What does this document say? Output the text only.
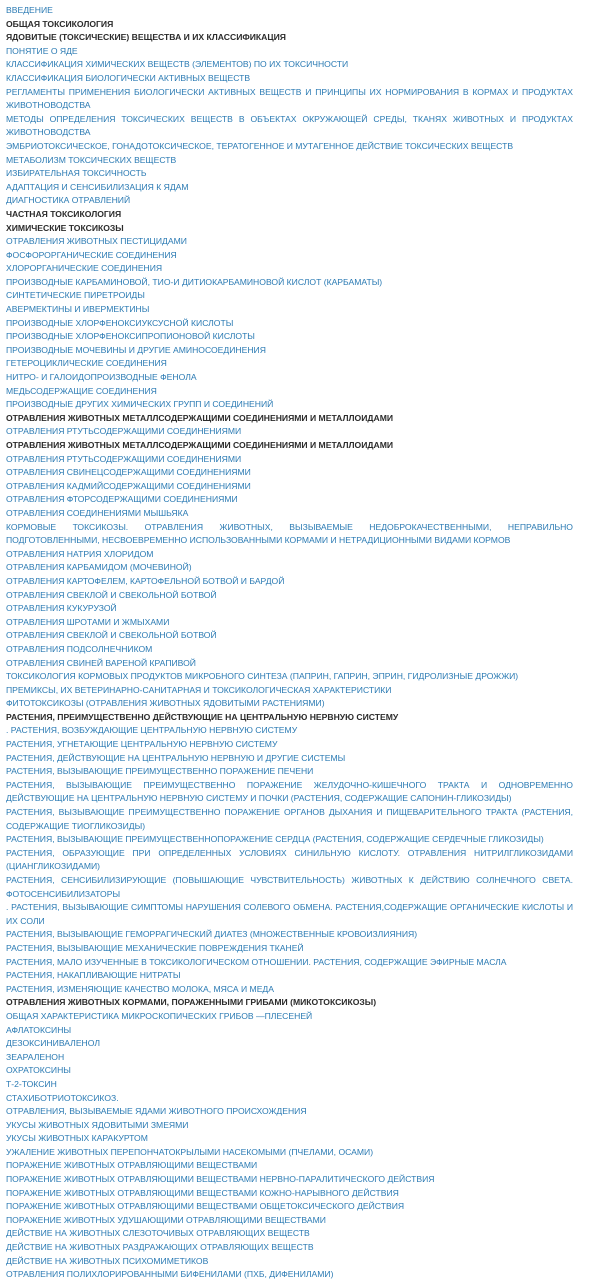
ВВЕДЕНИЕ
ОБЩАЯ ТОКСИКОЛОГИЯ
ЯДОВИТЫЕ (ТОКСИЧЕСКИЕ) ВЕЩЕСТВА И ИХ КЛАССИФИКАЦИЯ
ПОНЯТИЕ О ЯДЕ
КЛАССИФИКАЦИЯ ХИМИЧЕСКИХ ВЕЩЕСТВ (ЭЛЕМЕНТОВ) ПО ИХ ТОКСИЧНОСТИ
КЛАССИФИКАЦИЯ БИОЛОГИЧЕСКИ АКТИВНЫХ ВЕЩЕСТВ
РЕГЛАМЕНТЫ ПРИМЕНЕНИЯ БИОЛОГИЧЕСКИ АКТИВНЫХ ВЕЩЕСТВ И ПРИНЦИПЫ ИХ НОРМИРОВАНИЯ В КОРМАХ И ПРОДУКТАХ ЖИВОТНОВОДСТВА
МЕТОДЫ ОПРЕДЕЛЕНИЯ ТОКСИЧЕСКИХ ВЕЩЕСТВ В ОБЪЕКТАХ ОКРУЖАЮЩЕЙ СРЕДЫ, ТКАНЯХ ЖИВОТНЫХ И ПРОДУКТАХ ЖИВОТНОВОДСТВА
ЭМБРИОТОКСИЧЕСКОЕ, ГОНАДОТОКСИЧЕСКОЕ, ТЕРАТОГЕННОЕ И МУТАГЕННОЕ ДЕЙСТВИЕ ТОКСИЧЕСКИХ ВЕЩЕСТВ
МЕТАБОЛИЗМ ТОКСИЧЕСКИХ ВЕЩЕСТВ
ИЗБИРАТЕЛЬНАЯ ТОКСИЧНОСТЬ
АДАПТАЦИЯ И СЕНСИБИЛИЗАЦИЯ К ЯДАМ
ДИАГНОСТИКА ОТРАВЛЕНИЙ
ЧАСТНАЯ ТОКСИКОЛОГИЯ
ХИМИЧЕСКИЕ ТОКСИКОЗЫ
ОТРАВЛЕНИЯ ЖИВОТНЫХ ПЕСТИЦИДАМИ
ФОСФОРОРГАНИЧЕСКИЕ СОЕДИНЕНИЯ
ХЛОРОРГАНИЧЕСКИЕ СОЕДИНЕНИЯ
ПРОИЗВОДНЫЕ КАРБАМИНОВОЙ, ТИО-И ДИТИОКАРБАМИНОВОЙ КИСЛОТ (КАРБАМАТЫ)
СИНТЕТИЧЕСКИЕ ПИРЕТРОИДЫ
АВЕРМЕКТИНЫ И ИВЕРМЕКТИНЫ
ПРОИЗВОДНЫЕ ХЛОРФЕНОКСИУКСУСНОЙ КИСЛОТЫ
ПРОИЗВОДНЫЕ ХЛОРФЕНОКСИПРОПИОНОВОЙ КИСЛОТЫ
ПРОИЗВОДНЫЕ МОЧЕВИНЫ И ДРУГИЕ АМИНОСОЕДИНЕНИЯ
ГЕТЕРОЦИКЛИЧЕСКИЕ СОЕДИНЕНИЯ
НИТРО- И ГАЛОИДОПРОИЗВОДНЫЕ ФЕНОЛА
МЕДЬСОДЕРЖАЩИЕ СОЕДИНЕНИЯ
ПРОИЗВОДНЫЕ ДРУГИХ ХИМИЧЕСКИХ ГРУПП И СОЕДИНЕНИЙ
ОТРАВЛЕНИЯ ЖИВОТНЫХ МЕТАЛЛСОДЕРЖАЩИМИ СОЕДИНЕНИЯМИ И МЕТАЛЛОИДАМИ
ОТРАВЛЕНИЯ РТУТЬСОДЕРЖАЩИМИ СОЕДИНЕНИЯМИ
ОТРАВЛЕНИЯ ЖИВОТНЫХ МЕТАЛЛСОДЕРЖАЩИМИ СОЕДИНЕНИЯМИ И МЕТАЛЛОИДАМИ
ОТРАВЛЕНИЯ РТУТЬСОДЕРЖАЩИМИ СОЕДИНЕНИЯМИ
ОТРАВЛЕНИЯ СВИНЕЦСОДЕРЖАЩИМИ СОЕДИНЕНИЯМИ
ОТРАВЛЕНИЯ КАДМИЙСОДЕРЖАЩИМИ СОЕДИНЕНИЯМИ
ОТРАВЛЕНИЯ ФТОРСОДЕРЖАЩИМИ СОЕДИНЕНИЯМИ
ОТРАВЛЕНИЯ СОЕДИНЕНИЯМИ МЫШЬЯКА
КОРМОВЫЕ ТОКСИКОЗЫ. ОТРАВЛЕНИЯ ЖИВОТНЫХ, ВЫЗЫВАЕМЫЕ НЕДОБРОКАЧЕСТВЕННЫМИ, НЕПРАВИЛЬНО ПОДГОТОВЛЕННЫМИ, НЕСВОЕВРЕМЕННО ИСПОЛЬЗОВАННЫМИ КОРМАМИ И НЕТРАДИЦИОННЫМИ ВИДАМИ КОРМОВ
ОТРАВЛЕНИЯ НАТРИЯ ХЛОРИДОМ
ОТРАВЛЕНИЯ КАРБАМИДОМ (МОЧЕВИНОЙ)
ОТРАВЛЕНИЯ КАРТОФЕЛЕМ, КАРТОФЕЛЬНОЙ БОТВОЙ И БАРДОЙ
ОТРАВЛЕНИЯ СВЕКЛОЙ И СВЕКОЛЬНОЙ БОТВОЙ
ОТРАВЛЕНИЯ КУКУРУЗОЙ
ОТРАВЛЕНИЯ ШРОТАМИ И ЖМЫХАМИ
ОТРАВЛЕНИЯ СВЕКЛОЙ И СВЕКОЛЬНОЙ БОТВОЙ
ОТРАВЛЕНИЯ ПОДСОЛНЕЧНИКОМ
ОТРАВЛЕНИЯ СВИНЕЙ ВАРЕНОЙ КРАПИВОЙ
ТОКСИКОЛОГИЯ КОРМОВЫХ ПРОДУКТОВ МИКРОБНОГО СИНТЕЗА (ПАПРИН, ГАПРИН, ЭПРИН, ГИДРОЛИЗНЫЕ ДРОЖЖИ)
ПРЕМИКСЫ, ИХ ВЕТЕРИНАРНО-САНИТАРНАЯ И ТОКСИКОЛОГИЧЕСКАЯ ХАРАКТЕРИСТИКИ
ФИТОТОКСИКОЗЫ (ОТРАВЛЕНИЯ ЖИВОТНЫХ ЯДОВИТЫМИ РАСТЕНИЯМИ)
РАСТЕНИЯ, ПРЕИМУЩЕСТВЕННО ДЕЙСТВУЮЩИЕ НА ЦЕНТРАЛЬНУЮ НЕРВНУЮ СИСТЕМУ
. РАСТЕНИЯ, ВОЗБУЖДАЮЩИЕ ЦЕНТРАЛЬНУЮ НЕРВНУЮ СИСТЕМУ
РАСТЕНИЯ, УГНЕТАЮЩИЕ ЦЕНТРАЛЬНУЮ НЕРВНУЮ СИСТЕМУ
РАСТЕНИЯ, ДЕЙСТВУЮЩИЕ НА ЦЕНТРАЛЬНУЮ НЕРВНУЮ И ДРУГИЕ СИСТЕМЫ
РАСТЕНИЯ, ВЫЗЫВАЮЩИЕ ПРЕИМУЩЕСТВЕННО ПОРАЖЕНИЕ ПЕЧЕНИ
РАСТЕНИЯ, ВЫЗЫВАЮЩИЕ ПРЕИМУЩЕСТВЕННО ПОРАЖЕНИЕ ЖЕЛУДОЧНО-КИШЕЧНОГО ТРАКТА И ОДНОВРЕМЕННО ДЕЙСТВУЮЩИЕ НА ЦЕНТРАЛЬНУЮ НЕРВНУЮ СИСТЕМУ И ПОЧКИ (РАСТЕНИЯ, СОДЕРЖАЩИЕ САПОНИН-ГЛИКОЗИДЫ)
РАСТЕНИЯ, ВЫЗЫВАЮЩИЕ ПРЕИМУЩЕСТВЕННО ПОРАЖЕНИЕ ОРГАНОВ ДЫХАНИЯ И ПИЩЕВАРИТЕЛЬНОГО ТРАКТА (РАСТЕНИЯ, СОДЕРЖАЩИЕ ТИОГЛИКОЗИДЫ)
РАСТЕНИЯ, ВЫЗЫВАЮЩИЕ ПРЕИМУЩЕСТВЕННОПОРАЖЕНИЕ СЕРДЦА (РАСТЕНИЯ, СОДЕРЖАЩИЕ СЕРДЕЧНЫЕ ГЛИКОЗИДЫ)
РАСТЕНИЯ, ОБРАЗУЮЩИЕ ПРИ ОПРЕДЕЛЕННЫХ УСЛОВИЯХ СИНИЛЬНУЮ КИСЛОТУ. ОТРАВЛЕНИЯ НИТРИЛГЛИКОЗИДАМИ (ЦИАНГЛИКОЗИДАМИ)
РАСТЕНИЯ, СЕНСИБИЛИЗИРУЮЩИЕ (ПОВЫШАЮЩИЕ ЧУВСТВИТЕЛЬНОСТЬ) ЖИВОТНЫХ К ДЕЙСТВИЮ СОЛНЕЧНОГО СВЕТА. ФОТОСЕНСИБИЛИЗАТОРЫ
. РАСТЕНИЯ, ВЫЗЫВАЮЩИЕ СИМПТОМЫ НАРУШЕНИЯ СОЛЕВОГО ОБМЕНА. РАСТЕНИЯ,СОДЕРЖАЩИЕ ОРГАНИЧЕСКИЕ КИСЛОТЫ И ИХ СОЛИ
РАСТЕНИЯ, ВЫЗЫВАЮЩИЕ ГЕМОРРАГИЧЕСКИЙ ДИАТЕЗ (МНОЖЕСТВЕННЫЕ КРОВОИЗЛИЯНИЯ)
РАСТЕНИЯ, ВЫЗЫВАЮЩИЕ МЕХАНИЧЕСКИЕ ПОВРЕЖДЕНИЯ ТКАНЕЙ
РАСТЕНИЯ, МАЛО ИЗУЧЕННЫЕ В ТОКСИКОЛОГИЧЕСКОМ ОТНОШЕНИИ. РАСТЕНИЯ, СОДЕРЖАЩИЕ ЭФИРНЫЕ МАСЛА
РАСТЕНИЯ, НАКАПЛИВАЮЩИЕ НИТРАТЫ
РАСТЕНИЯ, ИЗМЕНЯЮЩИЕ КАЧЕСТВО МОЛОКА, МЯСА И МЕДА
ОТРАВЛЕНИЯ ЖИВОТНЫХ КОРМАМИ, ПОРАЖЕННЫМИ ГРИБАМИ (МИКОТОКСИКОЗЫ)
ОБЩАЯ ХАРАКТЕРИСТИКА МИКРОСКОПИЧЕСКИХ ГРИБОВ —ПЛЕСЕНЕЙ
АФЛАТОКСИНЫ
ДЕЗОКСИНИВАЛЕНОЛ
ЗЕАРАЛЕНОН
ОХРАТОКСИНЫ
Т-2-ТОКСИН
СТАХИБОТРИОТОКСИКОЗ.
ОТРАВЛЕНИЯ, ВЫЗЫВАЕМЫЕ ЯДАМИ ЖИВОТНОГО ПРОИСХОЖДЕНИЯ
УКУСЫ ЖИВОТНЫХ ЯДОВИТЫМИ ЗМЕЯМИ
УКУСЫ ЖИВОТНЫХ КАРАКУРТОМ
УЖАЛЕНИЕ ЖИВОТНЫХ ПЕРЕПОНЧАТОКРЫЛЫМИ НАСЕКОМЫМИ (ПЧЕЛАМИ, ОСАМИ)
ПОРАЖЕНИЕ ЖИВОТНЫХ ОТРАВЛЯЮЩИМИ ВЕЩЕСТВАМИ
ПОРАЖЕНИЕ ЖИВОТНЫХ ОТРАВЛЯЮЩИМИ ВЕЩЕСТВАМИ НЕРВНО-ПАРАЛИТИЧЕСКОГО ДЕЙСТВИЯ
ПОРАЖЕНИЕ ЖИВОТНЫХ ОТРАВЛЯЮЩИМИ ВЕЩЕСТВАМИ КОЖНО-НАРЫВНОГО ДЕЙСТВИЯ
ПОРАЖЕНИЕ ЖИВОТНЫХ ОТРАВЛЯЮЩИМИ ВЕЩЕСТВАМИ ОБЩЕТОКСИЧЕСКОГО ДЕЙСТВИЯ
ПОРАЖЕНИЕ ЖИВОТНЫХ УДУШАЮЩИМИ ОТРАВЛЯЮЩИМИ ВЕЩЕСТВАМИ
ДЕЙСТВИЕ НА ЖИВОТНЫХ СЛЕЗОТОЧИВЫХ ОТРАВЛЯЮЩИХ ВЕЩЕСТВ
ДЕЙСТВИЕ НА ЖИВОТНЫХ РАЗДРАЖАЮЩИХ ОТРАВЛЯЮЩИХ ВЕЩЕСТВ
ДЕЙСТВИЕ НА ЖИВОТНЫХ ПСИХОМИМЕТИКОВ
ОТРАВЛЕНИЯ ПОЛИХЛОРИРОВАННЫМИ БИФЕНИЛАМИ (ПХБ, ДИФЕНИЛАМИ)
